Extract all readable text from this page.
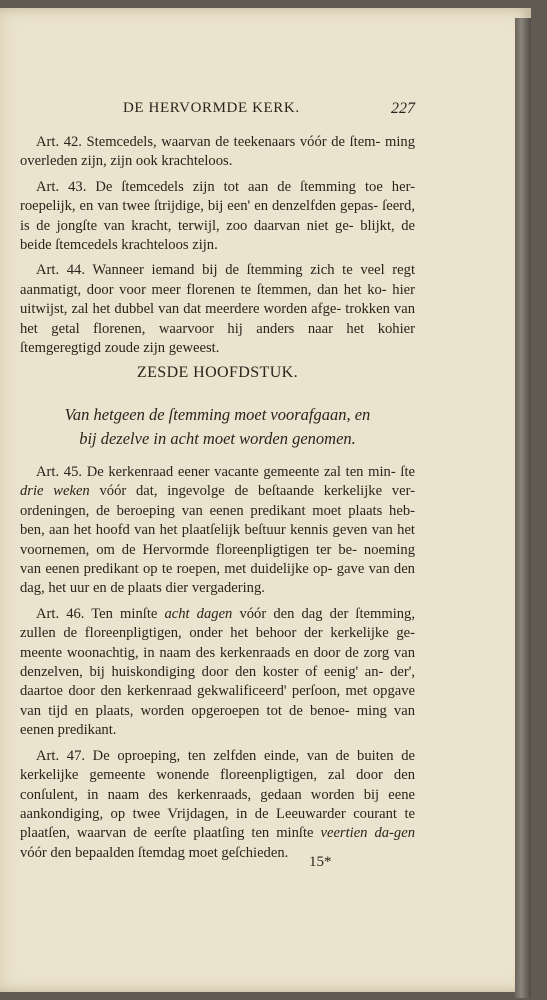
DE HERVORMDE KERK.	227

Art. 42. Stemcedels, waarvan de teekenaars vóór de ſtem- ming overleden zijn, zijn ook krachteloos.

Art. 43. De ſtemcedels zijn tot aan de ſtemming toe her- roepelijk, en van twee ſtrijdige, bij een' en denzelfden gepas- ſeerd, is de jongſte van kracht, terwijl, zoo daarvan niet ge- blijkt, de beide ſtemcedels krachteloos zijn.

Art. 44. Wanneer iemand bij de ſtemming zich te veel regt aanmatigt, door voor meer florenen te ſtemmen, dan het ko- hier uitwijst, zal het dubbel van dat meerdere worden afge- trokken van het getal florenen, waarvoor hij anders naar het kohier ſtemgeregtigd zoude zijn geweest.

ZESDE HOOFDSTUK.
Van hetgeen de ſtemming moet voorafgaan, en
bij dezelve in acht moet worden genomen.

Art. 45. De kerkenraad eener vacante gemeente zal ten min- ſte drie weken vóór dat, ingevolge de beſtaande kerkelijke ver- ordeningen, de beroeping van eenen predikant moet plaats heb- ben, aan het hoofd van het plaatſelijk beſtuur kennis geven van het voornemen, om de Hervormde floreenpligtigen ter be- noeming van eenen predikant op te roepen, met duidelijke op- gave van den dag, het uur en de plaats dier vergadering.

Art. 46. Ten minſte acht dagen vóór den dag der ſtemming, zullen de floreenpligtigen, onder het behoor der kerkelijke ge- meente woonachtig, in naam des kerkenraads en door de zorg van denzelven, bij huiskondiging door den koster of eenig' an- der', daartoe door den kerkenraad gekwalificeerd' perſoon, met opgave van tijd en plaats, worden opgeroepen tot de benoe- ming van eenen predikant.

Art. 47. De oproeping, ten zelfden einde, van de buiten de kerkelijke gemeente wonende floreenpligtigen, zal door den conſulent, in naam des kerkenraads, gedaan worden bij eene aankondiging, op twee Vrijdagen, in de Leeuwarder courant te plaatſen, waarvan de eerſte plaatſing ten minſte veertien da-gen vóór den bepaalden ſtemdag moet geſchieden.

15*
